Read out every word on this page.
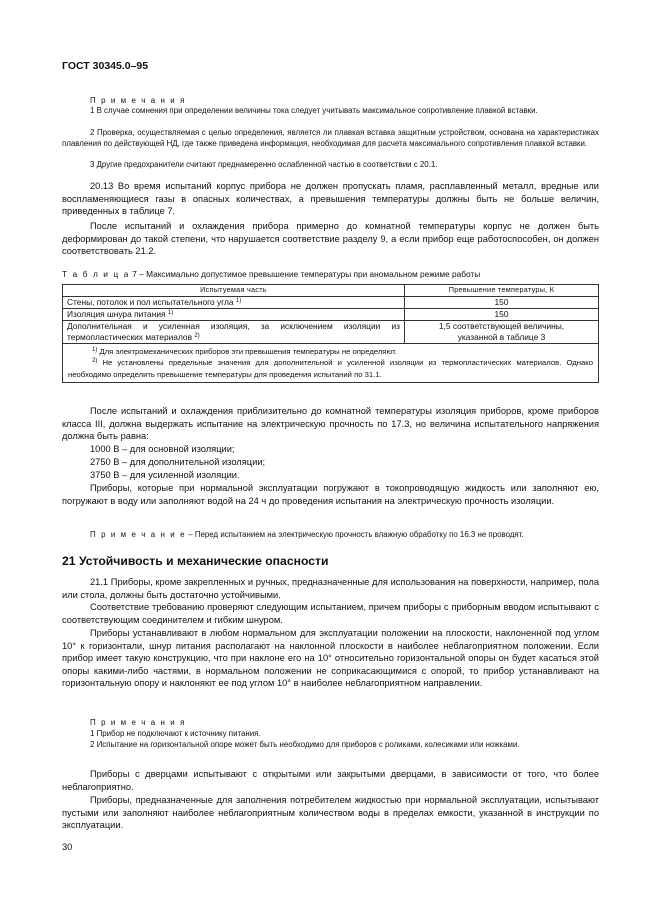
ГОСТ 30345.0–95
П р и м е ч а н и я

1 В случае сомнения при определении величины тока следует учитывать максимальное сопротивление плавкой вставки.

2 Проверка, осуществляемая с целью определения, является ли плавкая вставка защитным устройством, основана на характеристиках плавления по действующей НД, где также приведена информация, необходимая для расчета максимального сопротивления плавкой вставки.

3 Другие предохранители считают преднамеренно ослабленной частью в соответствии с 20.1.

20.13 Во время испытаний корпус прибора не должен пропускать пламя, расплавленный металл, вредные или воспламеняющиеся газы в опасных количествах, а превышения температуры должны быть не больше величин, приведенных в таблице 7.

После испытаний и охлаждения прибора примерно до комнатной температуры корпус не должен быть деформирован до такой степени, что нарушается соответствие разделу 9, а если прибор еще работоспособен, он должен соответствовать 21.2.

Т а б л и ц а 7 – Максимально допустимое превышение температуры при аномальном режиме работы
Испытуемая часть	Превышение температуры, К
Стены, потолок и пол испытательного угла $^{1)}$	150
Изоляция шнура питания $^{1)}$	150
Дополнительная и усиленная изоляция, за исключением изоляции из термопластических материалов $^{2)}$	1,5 соответствующей величины,
указанной в таблице 3

$^{1)}$ Для электромеханических приборов эти превышения температуры не определяют.
$^{2)}$ Не установлены предельные значения для дополнительной и усиленной изоляции из термопластических материалов. Однако необходимо определить превышение температуры для проведения испытаний по 31.1.	

После испытаний и охлаждения приблизительно до комнатной температуры изоляция приборов, кроме приборов класса III, должна выдержать испытание на электрическую прочность по 17.3, но величина испытательного напряжения должна быть равна:

1000 В – для основной изоляции;

2750 В – для дополнительной изоляции;

3750 В – для усиленной изоляции.

Приборы, которые при нормальной эксплуатации погружают в токопроводящую жидкость или заполняют ею, погружают в воду или заполняют водой на 24 ч до проведения испытания на электрическую прочность изоляции.

П р и м е ч а н и е – Перед испытанием на электрическую прочность влажную обработку по 16.3 не проводят.
21 Устойчивость и механические опасности

21.1 Приборы, кроме закрепленных и ручных, предназначенные для использования на поверхности, например, пола или стола, должны быть достаточно устойчивыми.

Соответствие требованию проверяют следующим испытанием, причем приборы с приборным вводом испытывают с соответствующим соединителем и гибким шнуром.

Приборы устанавливают в любом нормальном для эксплуатации положении на плоскости, наклоненной под углом 10° к горизонтали, шнур питания располагают на наклонной плоскости в наиболее неблагоприятном положении. Если прибор имеет такую конструкцию, что при наклоне его на 10° относительно горизонтальной опоры он будет касаться этой опоры какими-либо частями, в нормальном положении не соприкасающимися с опорой, то прибор устанавливают на горизонтальную опору и наклоняют ее под углом 10° в наиболее неблагоприятном направлении.

П р и м е ч а н и я

1 Прибор не подключают к источнику питания.

2 Испытание на горизонтальной опоре может быть необходимо для приборов с роликами, колесиками или ножками.

Приборы с дверцами испытывают с открытыми или закрытыми дверцами, в зависимости от того, что более неблагоприятно.

Приборы, предназначенные для заполнения потребителем жидкостью при нормальной эксплуатации, испытывают пустыми или заполняют наиболее неблагоприятным количеством воды в пределах емкости, указанной в инструкции по эксплуатации.

30
